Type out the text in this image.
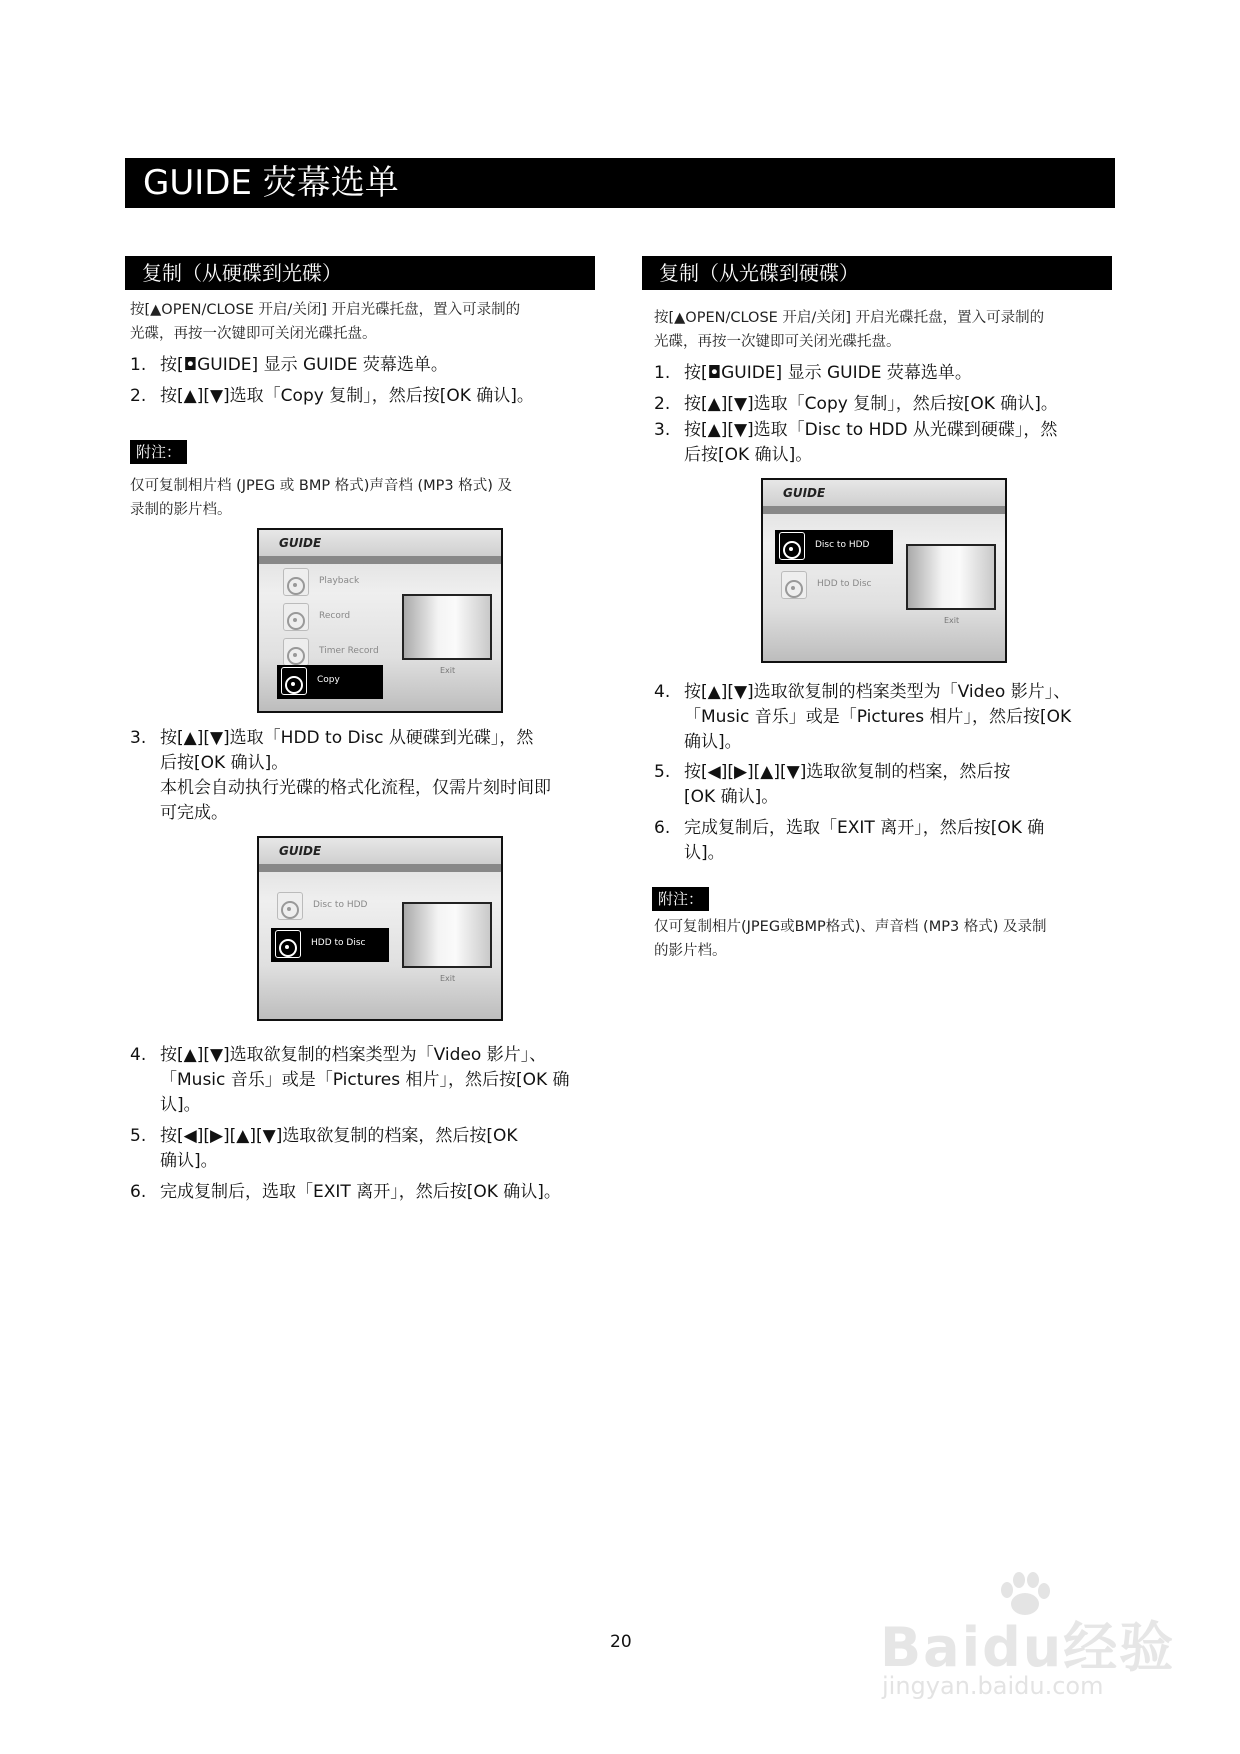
GUIDE 荧幕选单
复制（从硬碟到光碟）
按[▲OPEN/CLOSE 开启/关闭] 开启光碟托盘，置入可录制的
光碟，再按一次键即可关闭光碟托盘。
1. 按[◘GUIDE] 显示 GUIDE 荧幕选单。
2. 按[▲][▼]选取「Copy 复制」，然后按[OK 确认]。
附注：
仅可复制相片档 (JPEG 或 BMP 格式)声音档 (MP3 格式) 及
录制的影片档。
GUIDE
Playback
Record
Timer Record
Copy
Exit
3. 按[▲][▼]选取「HDD to Disc 从硬碟到光碟」，然
后按[OK 确认]。
本机会自动执行光碟的格式化流程，仅需片刻时间即
可完成。
GUIDE
Disc to HDD
HDD to Disc
Exit
4. 按[▲][▼]选取欲复制的档案类型为「Video 影片」、
「Music 音乐」或是「Pictures 相片」，然后按[OK 确
认]。
5. 按[◀][▶][▲][▼]选取欲复制的档案，然后按[OK
确认]。
6. 完成复制后，选取「EXIT 离开」，然后按[OK 确认]。
复制（从光碟到硬碟）
按[▲OPEN/CLOSE 开启/关闭] 开启光碟托盘，置入可录制的
光碟，再按一次键即可关闭光碟托盘。
1. 按[◘GUIDE] 显示 GUIDE 荧幕选单。
2. 按[▲][▼]选取「Copy 复制」，然后按[OK 确认]。
3. 按[▲][▼]选取「Disc to HDD 从光碟到硬碟」，然
后按[OK 确认]。
GUIDE
Disc to HDD
HDD to Disc
Exit
4. 按[▲][▼]选取欲复制的档案类型为「Video 影片」、
「Music 音乐」或是「Pictures 相片」，然后按[OK
确认]。
5. 按[◀][▶][▲][▼]选取欲复制的档案，然后按
[OK 确认]。
6. 完成复制后，选取「EXIT 离开」，然后按[OK 确
认]。
附注：
仅可复制相片(JPEG或BMP格式)、声音档 (MP3 格式) 及录制
的影片档。
20	Baidu经验
jingyan.baidu.com
